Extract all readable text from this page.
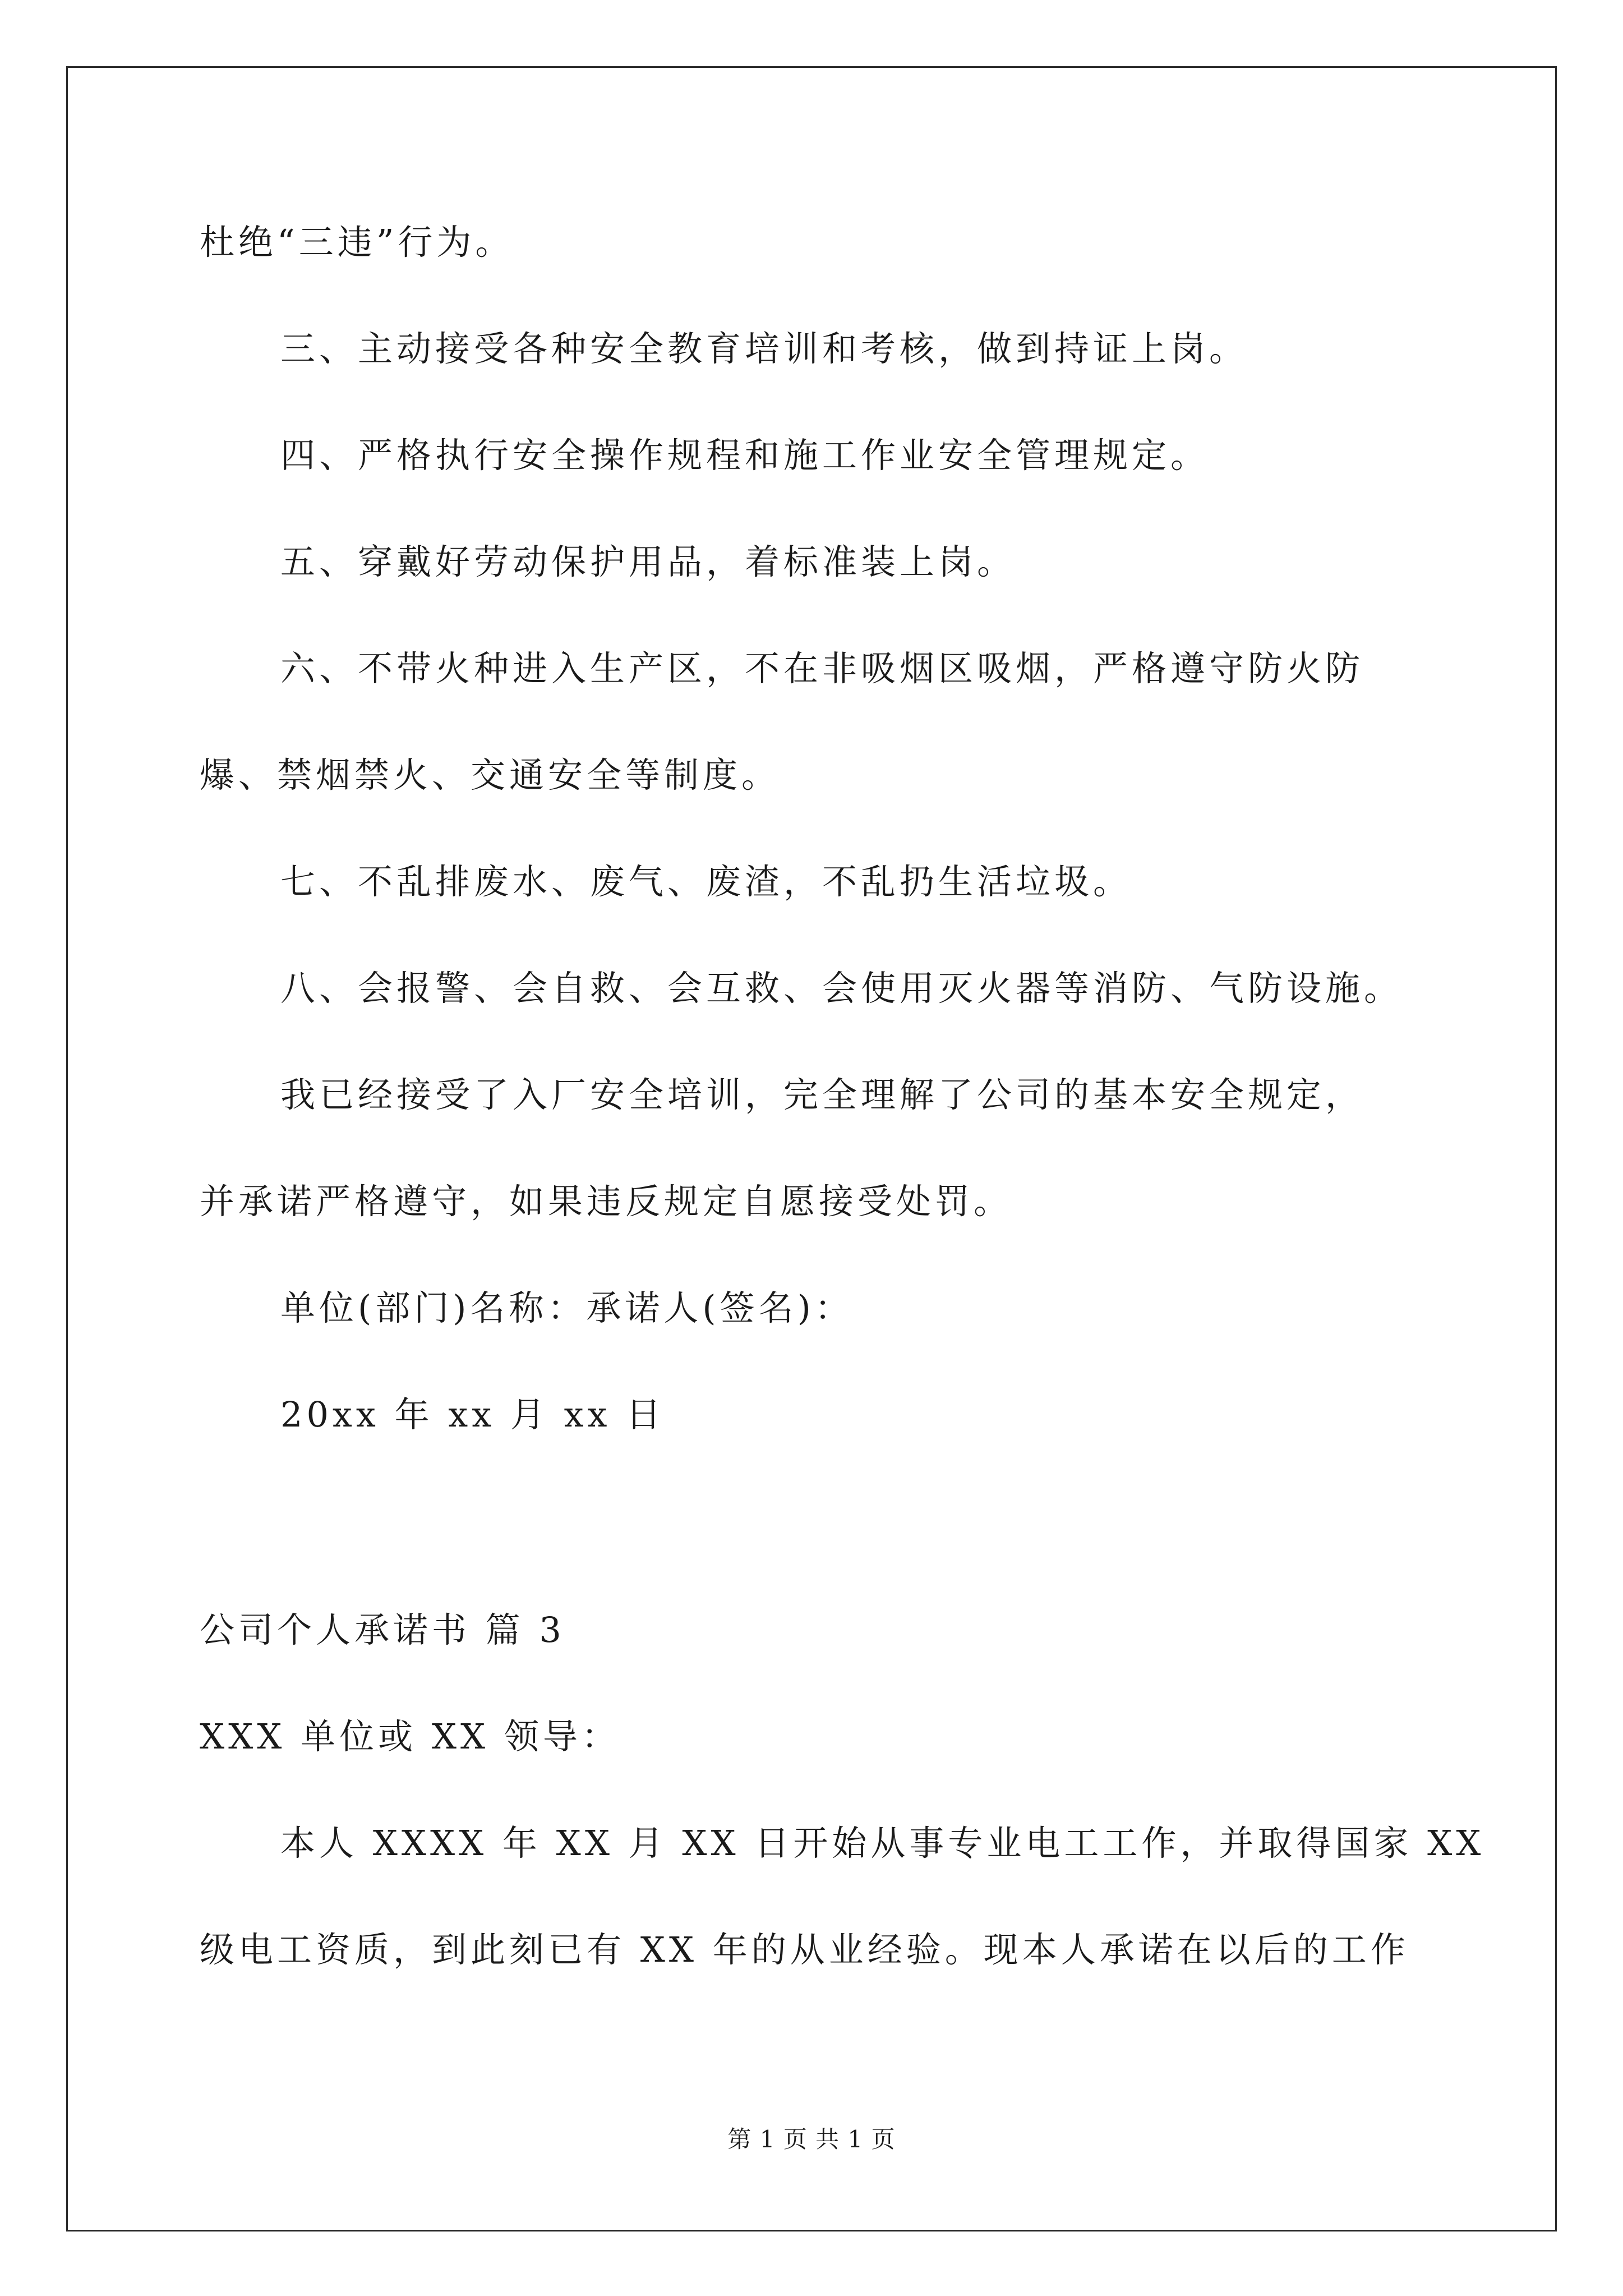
杜绝“三违”行为。
三、主动接受各种安全教育培训和考核，做到持证上岗。
四、严格执行安全操作规程和施工作业安全管理规定。
五、穿戴好劳动保护用品，着标准装上岗。
六、不带火种进入生产区，不在非吸烟区吸烟，严格遵守防火防
爆、禁烟禁火、交通安全等制度。
七、不乱排废水、废气、废渣，不乱扔生活垃圾。
八、会报警、会自救、会互救、会使用灭火器等消防、气防设施。
我已经接受了入厂安全培训，完全理解了公司的基本安全规定，
并承诺严格遵守，如果违反规定自愿接受处罚。
单位(部门)名称：承诺人(签名)：
20xx 年 xx 月 xx 日
公司个人承诺书 篇 3
XXX 单位或 XX 领导：
本人 XXXX 年 XX 月 XX 日开始从事专业电工工作，并取得国家 XX
级电工资质，到此刻已有 XX 年的从业经验。现本人承诺在以后的工作
第 1 页 共 1 页
